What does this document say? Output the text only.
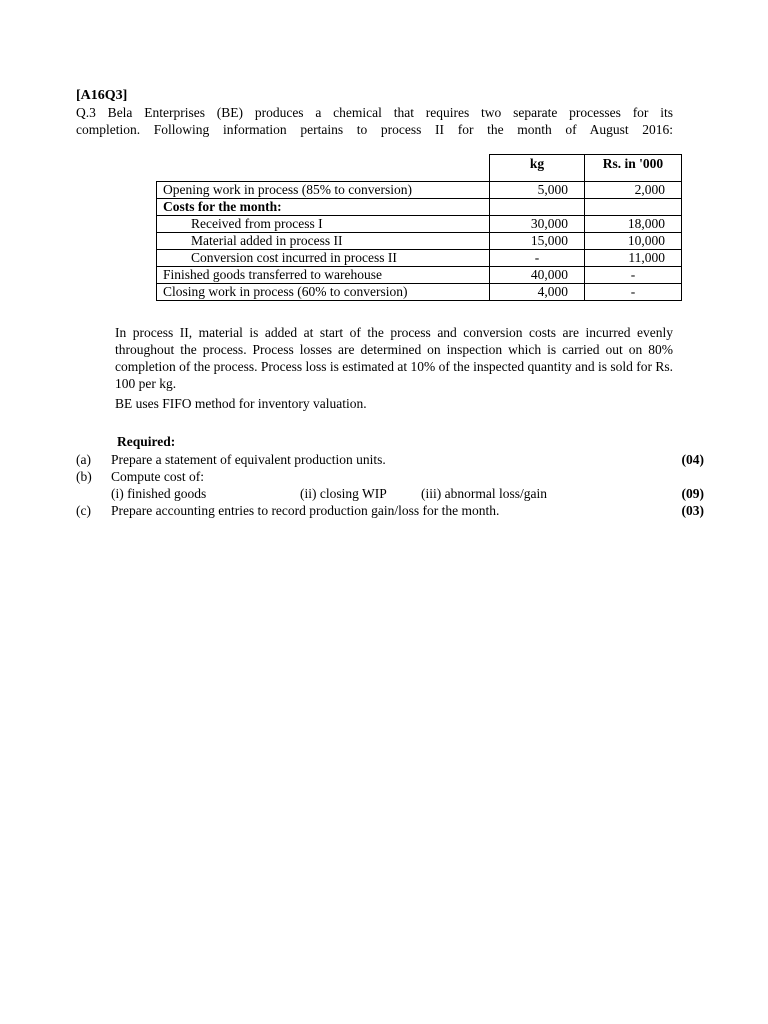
[A16Q3]
Q.3 Bela Enterprises (BE) produces a chemical that requires two separate processes for its
completion. Following information pertains to process II for the month of August 2016:
	kg	Rs. in '000
Opening work in process (85% to conversion)	5,000	2,000
Costs for the month:		
Received from process I	30,000	18,000
Material added in process II	15,000	10,000
Conversion cost incurred in process II	-	11,000
Finished goods transferred to warehouse	40,000	-
Closing work in process (60% to conversion)	4,000	-
In process II, material is added at start of the process and conversion costs are incurred evenly throughout the process. Process losses are determined on inspection which is carried out on 80% completion of the process. Process loss is estimated at 10% of the inspected quantity and is sold for Rs. 100 per kg.
BE uses FIFO method for inventory valuation.
Required:
(a) Prepare a statement of equivalent production units.	(04)
(b) Compute cost of:
(i) finished goods	(ii) closing WIP	(iii) abnormal loss/gain	(09)
(c) Prepare accounting entries to record production gain/loss for the month.	(03)
